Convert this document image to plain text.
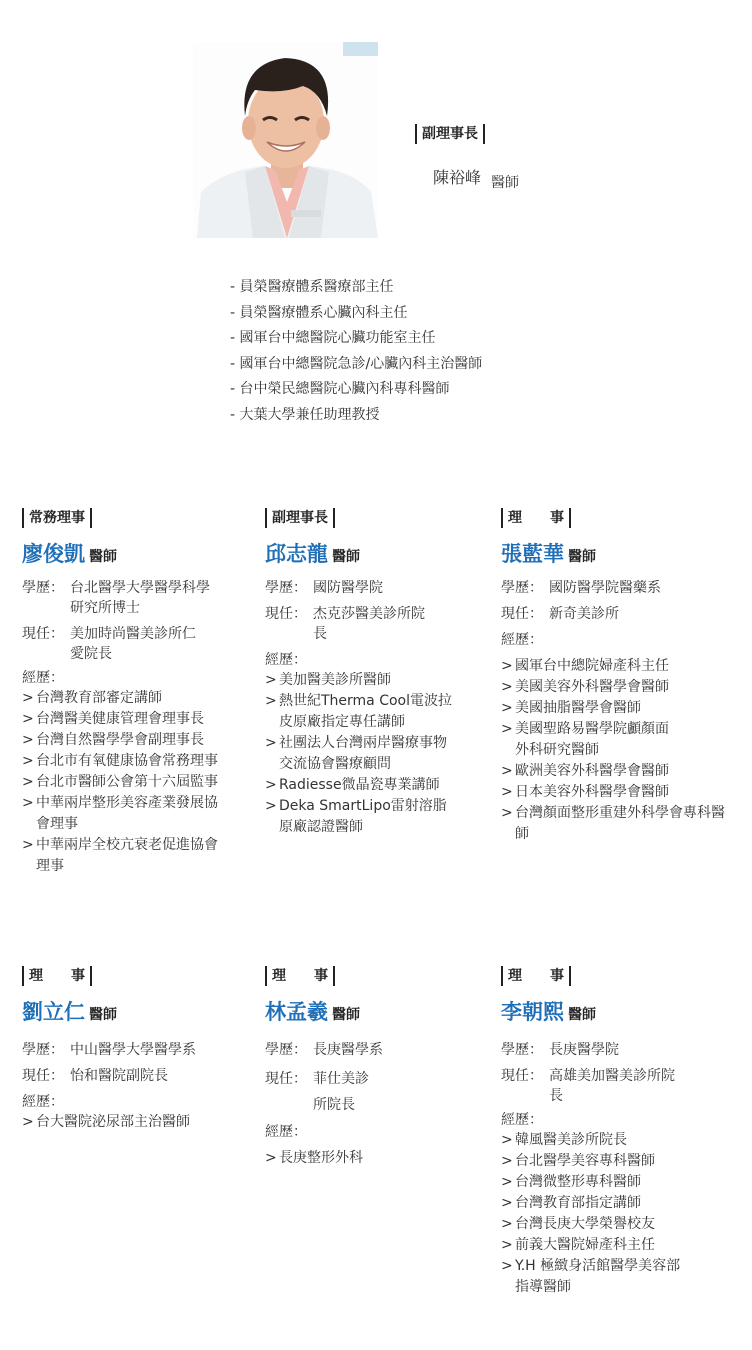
副理事長
陳裕峰 醫師
- 員榮醫療體系醫療部主任
- 員榮醫療體系心臟內科主任
- 國軍台中總醫院心臟功能室主任
- 國軍台中總醫院急診/心臟內科主治醫師
- 台中榮民總醫院心臟內科專科醫師
- 大葉大學兼任助理教授
常務理事
廖俊凱 醫師
學歷： 台北醫學大學醫學科學研究所博士
現任： 美加時尚醫美診所仁愛院長
經歷：
> 台灣教育部審定講師
> 台灣醫美健康管理會理事長
> 台灣自然醫學學會副理事長
> 台北市有氧健康協會常務理事
> 台北市醫師公會第十六屆監事
> 中華兩岸整形美容產業發展協會理事
> 中華兩岸全校亢衰老促進協會理事
副理事長
邱志龍 醫師
學歷： 國防醫學院
現任： 杰克莎醫美診所院長
經歷：
> 美加醫美診所醫師
> 熱世紀Therma Cool電波拉皮原廠指定專任講師
> 社團法人台灣兩岸醫療事物交流協會醫療顧問
> Radiesse微晶瓷專業講師
> Deka SmartLipo雷射溶脂原廠認證醫師
理　　事
張藍華 醫師
學歷： 國防醫學院醫藥系
現任： 新奇美診所
經歷：
> 國軍台中總院婦產科主任
> 美國美容外科醫學會醫師
> 美國抽脂醫學會醫師
> 美國聖路易醫學院顱顏面外科研究醫師
> 歐洲美容外科醫學會醫師
> 日本美容外科醫學會醫師
> 台灣顏面整形重建外科學會專科醫師
理　　事
劉立仁 醫師
學歷： 中山醫學大學醫學系
現任： 怡和醫院副院長
經歷：
> 台大醫院泌尿部主治醫師
理　　事
林孟羲 醫師
學歷： 長庚醫學系
現任： 菲仕美診所院長
經歷：
> 長庚整形外科
理　　事
李朝熙 醫師
學歷： 長庚醫學院
現任： 高雄美加醫美診所院長
經歷：
> 韓風醫美診所院長
> 台北醫學美容專科醫師
> 台灣微整形專科醫師
> 台灣教育部指定講師
> 台灣長庚大學榮譽校友
> 前義大醫院婦產科主任
> Y.H 極緻身活館醫學美容部指導醫師
